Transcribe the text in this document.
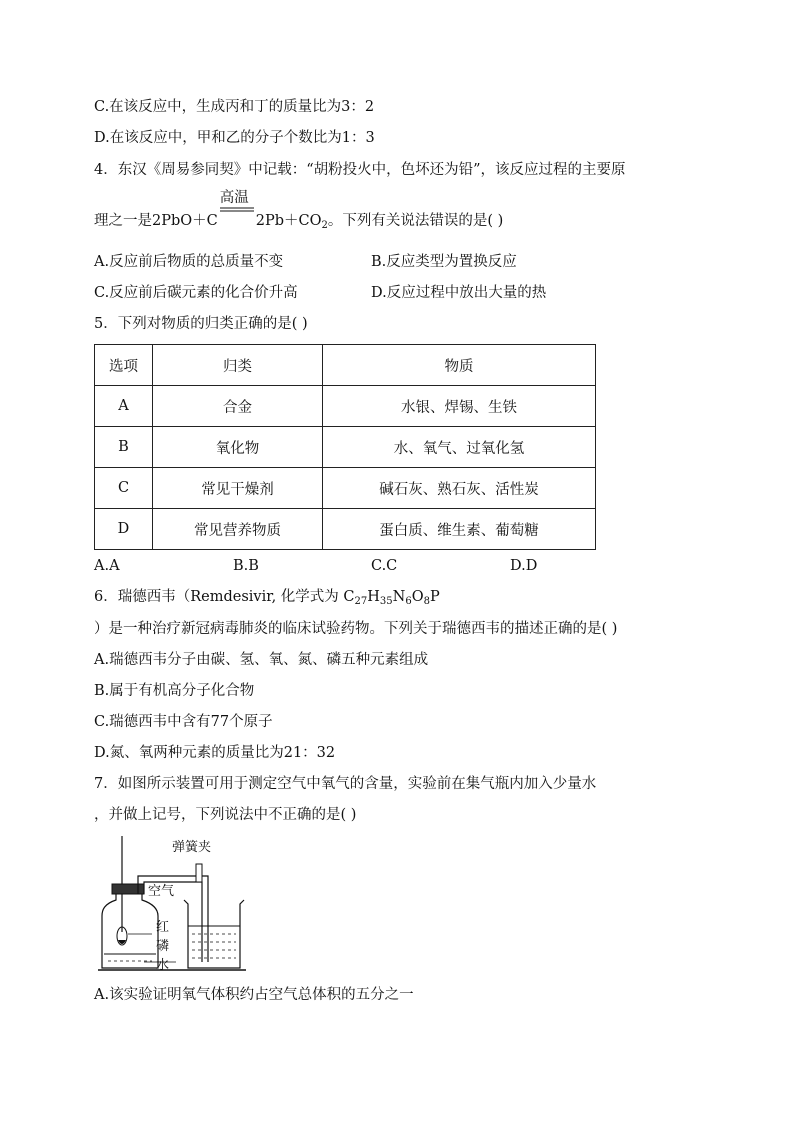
C.在该反应中，生成丙和丁的质量比为3：2
D.在该反应中，甲和乙的分子个数比为1：3
4．东汉《周易参同契》中记载：“胡粉投火中，色坏还为铅”，该反应过程的主要原
理之一是2PbO＋C
高温
$2Pb+CO_2$。下列有关说法错误的是( )
A.反应前后物质的总质量不变	B.反应类型为置换反应
C.反应前后碳元素的化合价升高	D.反应过程中放出大量的热
5．下列对物质的归类正确的是( )
选项	归类	物质
A	合金	水银、焊锡、生铁
B	氧化物	水、氧气、过氧化氢
C	常见干燥剂	碱石灰、熟石灰、活性炭
D	常见营养物质	蛋白质、维生素、葡萄糖
A.A	B.B	C.C	D.D
6．瑞德西韦（Remdesivir, 化学式为 $C_{27}H_{35}N_6O_8P$
）是一种治疗新冠病毒肺炎的临床试验药物。下列关于瑞德西韦的描述正确的是( )
A.瑞德西韦分子由碳、氢、氧、氮、磷五种元素组成
B.属于有机高分子化合物
C.瑞德西韦中含有77个原子
D.氮、氧两种元素的质量比为21：32
7．如图所示装置可用于测定空气中氧气的含量，实验前在集气瓶内加入少量水
，并做上记号，下列说法中不正确的是( )
弹簧夹
空气
红
磷
水
A.该实验证明氧气体积约占空气总体积的五分之一
